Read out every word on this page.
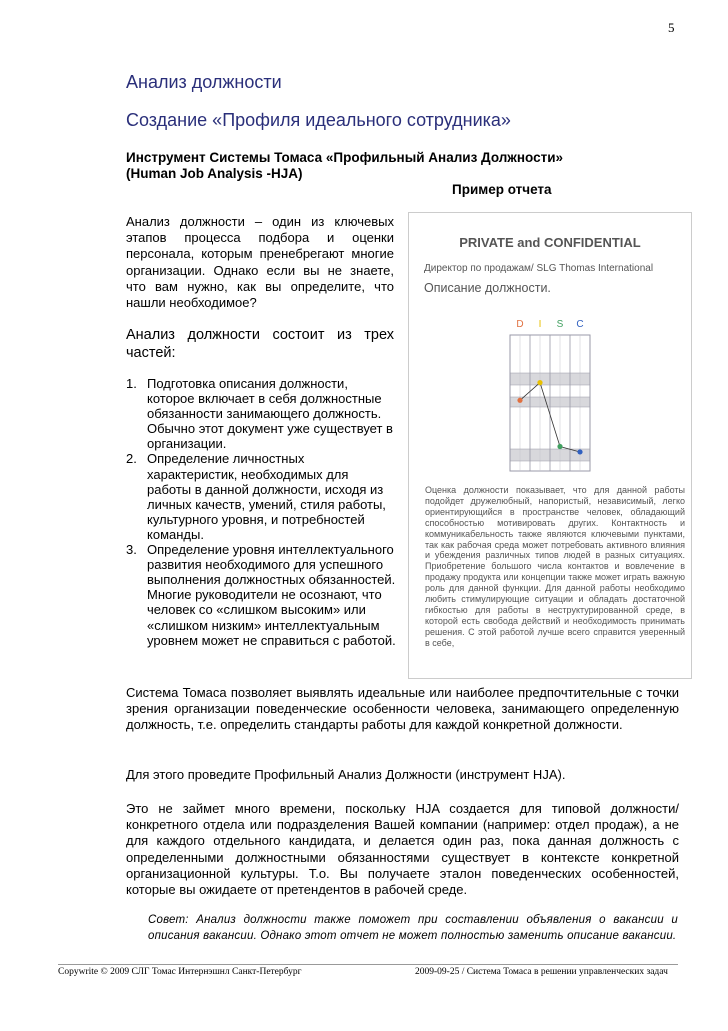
5
Анализ должности
Создание «Профиля идеального сотрудника»
Инструмент Системы Томаса «Профильный Анализ Должности»
(Human Job Analysis -HJA)
Пример отчета
Анализ должности – один из ключевых этапов процесса подбора и оценки персонала, которым пренебрегают многие организации. Однако если вы не знаете, что вам нужно, как вы определите, что нашли необходимое?
Анализ должности состоит из трех частей:
1. Подготовка описания должности, которое включает в себя должностные обязанности занимающего должность. Обычно этот документ уже существует в организации.
2. Определение личностных характеристик, необходимых для работы в данной должности, исходя из личных качеств, умений, стиля работы, культурного уровня, и потребностей команды.
3. Определение уровня интеллектуального развития необходимого для успешного выполнения должностных обязанностей. Многие руководители не осознают, что человек со «слишком высоким» или «слишком низким» интеллектуальным уровнем может не справиться с работой.
PRIVATE and CONFIDENTIAL
Директор по продажам/ SLG Thomas International
Описание должности.
D I S C
Оценка должности показывает, что для данной работы подойдет дружелюбный, напористый, независимый, легко ориентирующийся в пространстве человек, обладающий способностью мотивировать других. Контактность и коммуникабельность также являются ключевыми пунктами, так как рабочая среда может потребовать активного влияния и убеждения различных типов людей в разных ситуациях. Приобретение большого числа контактов и вовлечение в продажу продукта или концепции также может играть важную роль для данной функции. Для данной работы необходимо любить стимулирующие ситуации и обладать достаточной гибкостью для работы в неструктурированной среде, в которой есть свобода действий и необходимость принимать решения. С этой работой лучше всего справится уверенный в себе,
Система Томаса позволяет выявлять идеальные или наиболее предпочтительные с точки зрения организации поведенческие особенности человека, занимающего определенную должность, т.е. определить стандарты работы для каждой конкретной должности.
Для этого проведите Профильный Анализ Должности (инструмент HJA).
Это не займет много времени, поскольку HJA создается для типовой должности/конкретного отдела или подразделения Вашей компании (например: отдел продаж), а не для каждого отдельного кандидата, и делается один раз, пока данная должность с определенными должностными обязанностями существует в контексте конкретной организационной культуры. Т.о. Вы получаете эталон поведенческих особенностей, которые вы ожидаете от претендентов в рабочей среде.
Совет: Анализ должности также поможет при составлении объявления о вакансии и описания вакансии. Однако этот отчет не может полностью заменить описание вакансии.
Copywrite © 2009 СЛГ Томас Интернэшнл Санкт-Петербург	2009-09-25 / Система Томаса в решении управленческих задач
